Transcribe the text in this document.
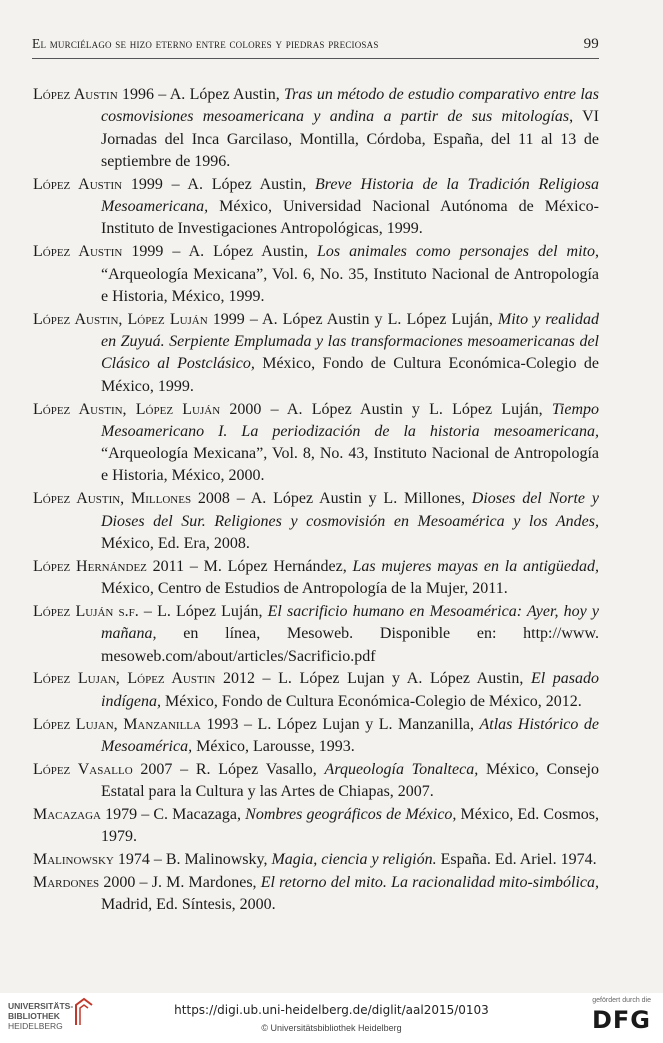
El murciélago se hizo eterno entre colores y piedras preciosas	99

López Austin 1996 – A. López Austin, Tras un método de estudio comparativo entre las cosmovisiones mesoamericana y andina a partir de sus mitologías, VI Jornadas del Inca Garcilaso, Montilla, Córdoba, España, del 11 al 13 de septiembre de 1996.

López Austin 1999 – A. López Austin, Breve Historia de la Tradición Religiosa Mesoamericana, México, Universidad Nacional Autónoma de México-Instituto de Investigaciones Antropológicas, 1999.

López Austin 1999 – A. López Austin, Los animales como personajes del mito, “Arqueología Mexicana”, Vol. 6, No. 35, Instituto Nacional de Antropología e Historia, México, 1999.

López Austin, López Luján 1999 – A. López Austin y L. López Luján, Mito y realidad en Zuyuá. Serpiente Emplumada y las transformaciones mesoamericanas del Clásico al Postclásico, México, Fondo de Cultura Económica-Colegio de México, 1999.

López Austin, López Luján 2000 – A. López Austin y L. López Luján, Tiempo Mesoamericano I. La periodización de la historia mesoamericana, “Arqueología Mexicana”, Vol. 8, No. 43, Instituto Nacional de Antropología e Historia, México, 2000.

López Austin, Millones 2008 – A. López Austin y L. Millones, Dioses del Norte y Dioses del Sur. Religiones y cosmovisión en Mesoamérica y los Andes, México, Ed. Era, 2008.

López Hernández 2011 – M. López Hernández, Las mujeres mayas en la antigüedad, México, Centro de Estudios de Antropología de la Mujer, 2011.

López Luján s.f. – L. López Luján, El sacrificio humano en Mesoamérica: Ayer, hoy y mañana, en línea, Mesoweb. Disponible en: http://www. mesoweb.com/about/articles/Sacrificio.pdf

López Lujan, López Austin 2012 – L. López Lujan y A. López Austin, El pasado indígena, México, Fondo de Cultura Económica-Colegio de México, 2012.

López Lujan, Manzanilla 1993 – L. López Lujan y L. Manzanilla, Atlas Histórico de Mesoamérica, México, Larousse, 1993.

López Vasallo 2007 – R. López Vasallo, Arqueología Tonalteca, México, Consejo Estatal para la Cultura y las Artes de Chiapas, 2007.

Macazaga 1979 – C. Macazaga, Nombres geográficos de México, México, Ed. Cosmos, 1979.

Malinowsky 1974 – B. Malinowsky, Magia, ciencia y religión. España. Ed. Ariel. 1974.

Mardones 2000 – J. M. Mardones, El retorno del mito. La racionalidad mito-simbólica, Madrid, Ed. Síntesis, 2000.

UNIVERSITÄTS-
BIBLIOTHEK
HEIDELBERG
https://digi.ub.uni-heidelberg.de/diglit/aal2015/0103
© Universitätsbibliothek Heidelberg
gefördert durch die
DFG
